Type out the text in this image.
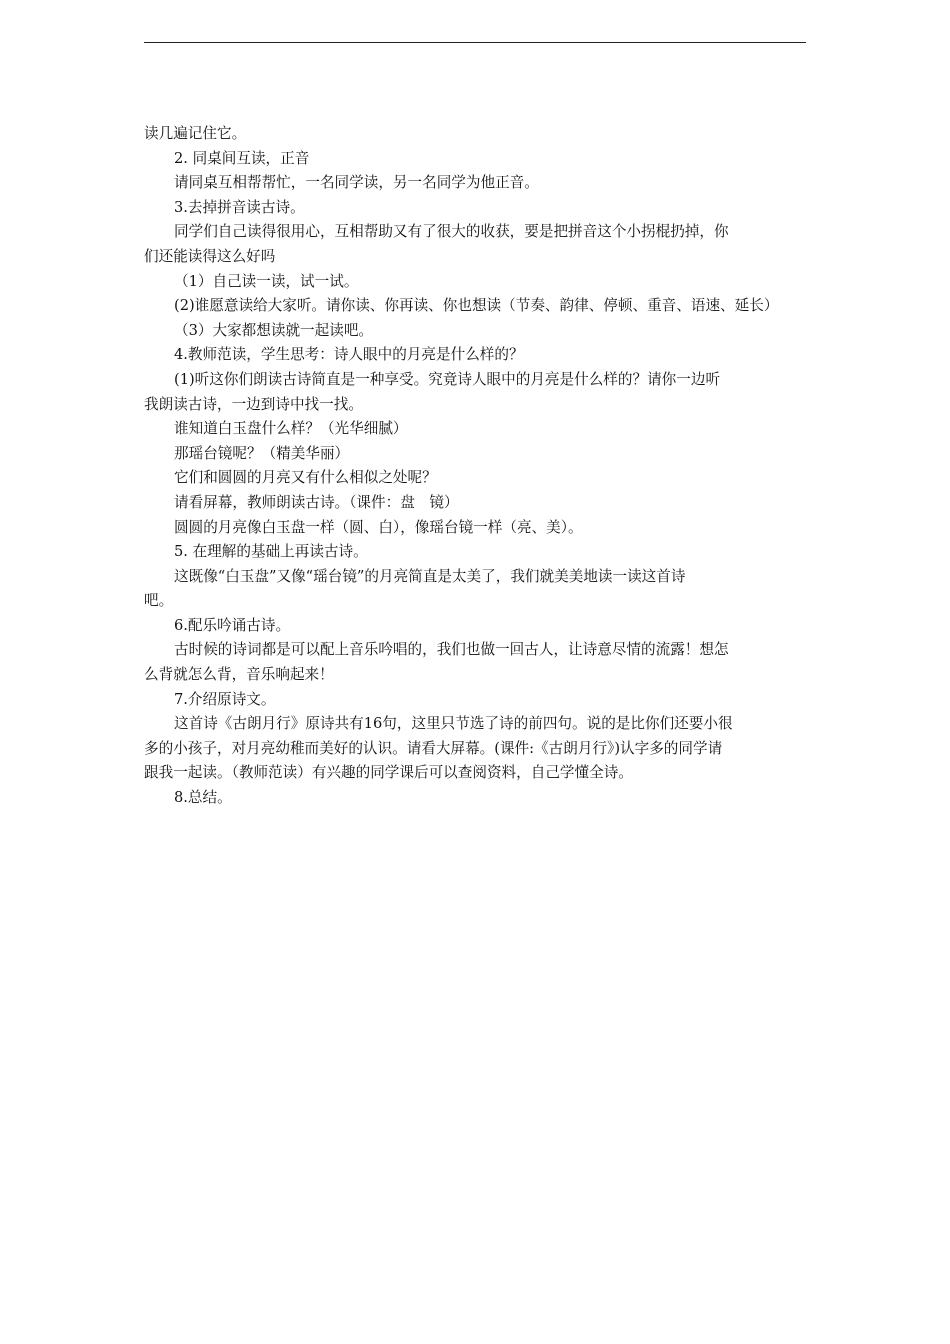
读几遍记住它。

2. 同桌间互读，正音

请同桌互相帮帮忙，一名同学读，另一名同学为他正音。

3.去掉拼音读古诗。

同学们自己读得很用心，互相帮助又有了很大的收获，要是把拼音这个小拐棍扔掉，你

们还能读得这么好吗

（1）自己读一读，试一试。

(2)谁愿意读给大家听。请你读、你再读、你也想读（节奏、韵律、停顿、重音、语速、延长）

（3）大家都想读就一起读吧。

4.教师范读，学生思考：诗人眼中的月亮是什么样的？

(1)听这你们朗读古诗简直是一种享受。究竟诗人眼中的月亮是什么样的？请你一边听

我朗读古诗，一边到诗中找一找。

谁知道白玉盘什么样？（光华细腻）

那瑶台镜呢？（精美华丽）

它们和圆圆的月亮又有什么相似之处呢？

请看屏幕，教师朗读古诗。（课件：盘　镜）

圆圆的月亮像白玉盘一样（圆、白），像瑶台镜一样（亮、美）。

5. 在理解的基础上再读古诗。

这既像“白玉盘”又像“瑶台镜”的月亮简直是太美了，我们就美美地读一读这首诗

吧。

6.配乐吟诵古诗。

古时候的诗词都是可以配上音乐吟唱的，我们也做一回古人，让诗意尽情的流露！想怎

么背就怎么背，音乐响起来！

7.介绍原诗文。

这首诗《古朗月行》原诗共有16句，这里只节选了诗的前四句。说的是比你们还要小很

多的小孩子，对月亮幼稚而美好的认识。请看大屏幕。(课件:《古朗月行》)认字多的同学请

跟我一起读。（教师范读）有兴趣的同学课后可以查阅资料，自己学懂全诗。

8.总结。
